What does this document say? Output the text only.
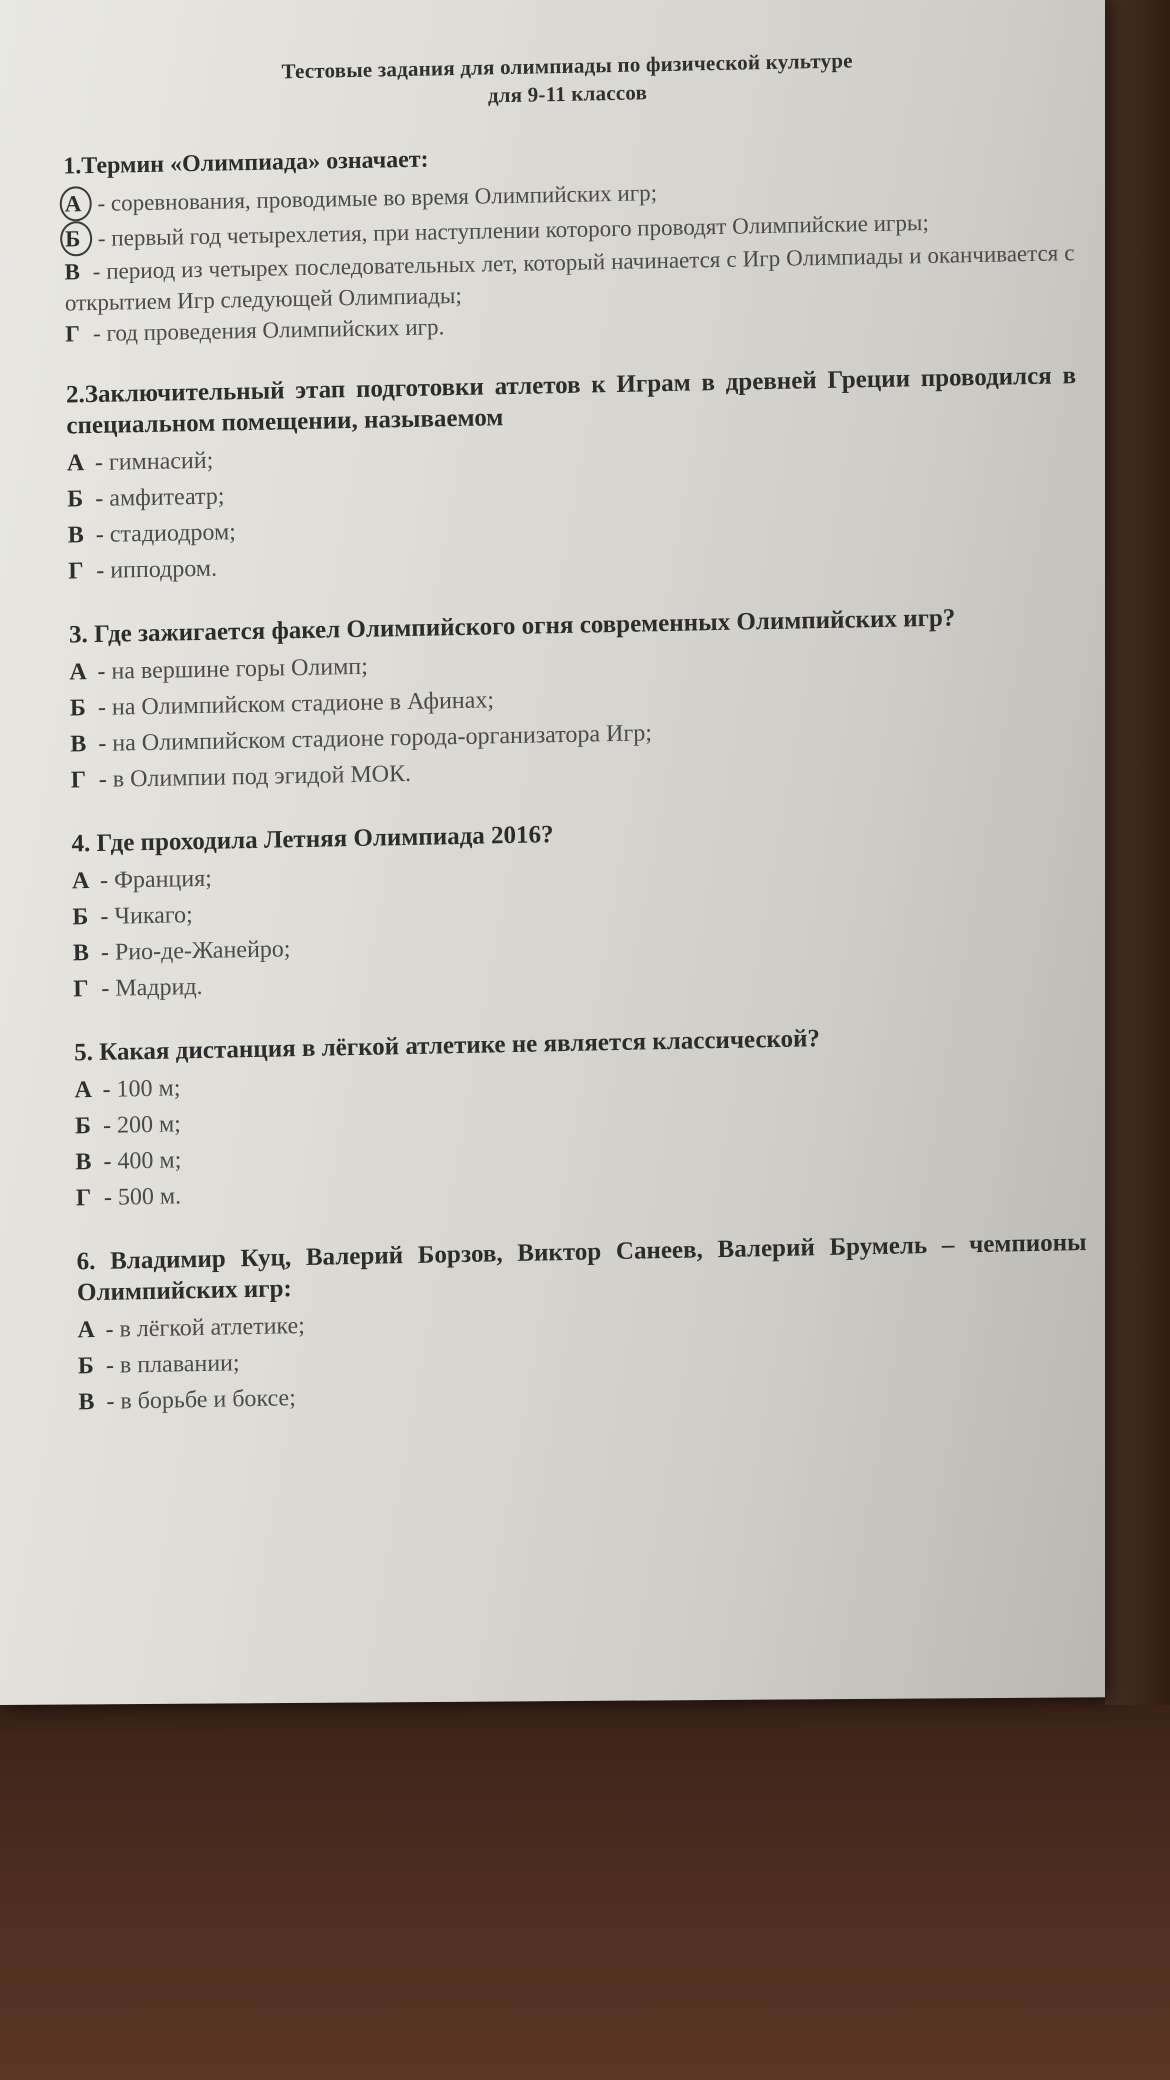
Тестовые задания для олимпиады по физической культуре
для 9-11 классов
1.Термин «Олимпиада» означает:
А - соревнования, проводимые во время Олимпийских игр;
Б - первый год четырехлетия, при наступлении которого проводят Олимпийские игры;
В - период из четырех последовательных лет, который начинается с Игр Олимпиады и оканчивается с открытием Игр следующей Олимпиады;
Г - год проведения Олимпийских игр.
2.Заключительный этап подготовки атлетов к Играм в древней Греции проводился в специальном помещении, называемом
А - гимнасий;
Б - амфитеатр;
В - стадиодром;
Г - ипподром.
3. Где зажигается факел Олимпийского огня современных Олимпийских игр?
А - на вершине горы Олимп;
Б - на Олимпийском стадионе в Афинах;
В - на Олимпийском стадионе города-организатора Игр;
Г - в Олимпии под эгидой МОК.
4. Где проходила Летняя Олимпиада 2016?
А - Франция;
Б - Чикаго;
В - Рио-де-Жанейро;
Г - Мадрид.
5. Какая дистанция в лёгкой атлетике не является классической?
А - 100 м;
Б - 200 м;
В - 400 м;
Г - 500 м.
6. Владимир Куц, Валерий Борзов, Виктор Санеев, Валерий Брумель – чемпионы Олимпийских игр:
А - в лёгкой атлетике;
Б - в плавании;
В - в борьбе и боксе;
